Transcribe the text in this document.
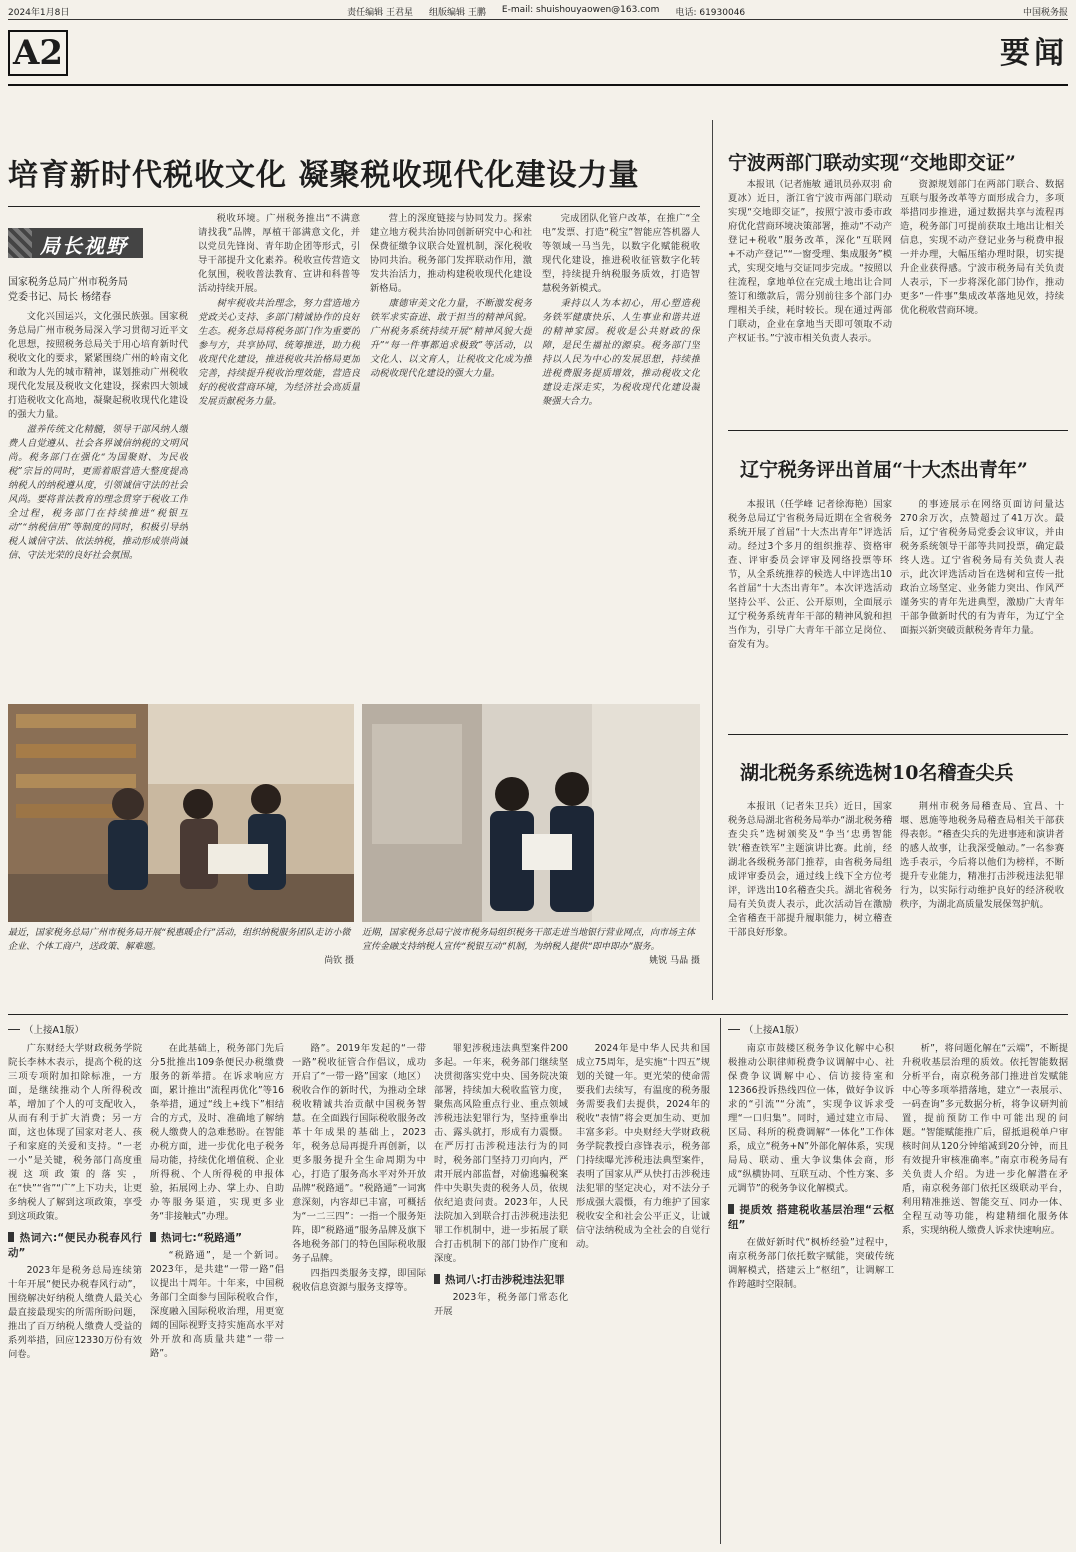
2024年1月8日	责任编辑 王君星 组版编辑 王鹏 E-mail: shuishouyaowen@163.com 电话: 61930046	中国税务报
A2	要闻
培育新时代税收文化 凝聚税收现代化建设力量
局长视野
国家税务总局广州市税务局
党委书记、局长 杨绪春

文化兴国运兴，文化强民族强。国家税务总局广州市税务局深入学习贯彻习近平文化思想，按照税务总局关于用心培育新时代税收文化的要求，紧紧围绕广州的岭南文化和敢为人先的城市精神，谋划推动广州税收现代化发展及税收文化建设，探索四大领域打造税收文化高地，凝聚起税收现代化建设的强大力量。

滋养传统文化精髓，领导干部风纳人缴费人自觉遵从、社会各界诚信纳税的文明风尚。税务部门在强化“为国聚财、为民收税”宗旨的同时，更需着眼营造大整度提高纳税人的纳税遵从度，引领诚信守法的社会风尚。要将普法教育的理念贯穿于税收工作全过程，税务部门在持续推进“税银互动”“纳税信用”等制度的同时，积极引导纳税人诚信守法、依法纳税，推动形成崇尚诚信、守法光荣的良好社会氛围。

税收环境。广州税务推出“不满意请找我”品牌，厚植干部满意文化，并以党员先锋岗、青年助企团等形式，引导干部提升文化素养。税收宣传营造文化氛围，税收普法教育、宣讲和科普等活动持续开展。

树牢税收共治理念，努力营造地方党政关心支持、多部门精诚协作的良好生态。税务总局将税务部门作为重要的参与方，共享协同、统筹推进，助力税收现代化建设，推进税收共治格局更加完善，持续提升税收治理效能，营造良好的税收营商环境，为经济社会高质量发展贡献税务力量。

营上的深度链接与协同发力。探索建立地方税共治协同创新研究中心和社保费征缴争议联合处置机制，深化税收协同共治。税务部门发挥联动作用，激发共治活力，推动构建税收现代化建设新格局。

康德审美文化力量，不断激发税务铁军求实奋进、敢于担当的精神风貌。广州税务系统持续开展“精神风貌大提升”“每一件事都追求极致”等活动，以文化人、以文育人，让税收文化成为推动税收现代化建设的强大力量。

完成团队化管户改革，在推广“全电”发票、打造“税宝”智能应答机器人等领域一马当先，以数字化赋能税收现代化建设，推进税收征管数字化转型，持续提升纳税服务质效，打造智慧税务新模式。

秉持以人为本初心，用心塑造税务铁军健康快乐、人生事业和谐共进的精神家园。税收是公共财政的保障，是民生福祉的源泉。税务部门坚持以人民为中心的发展思想，持续推进税费服务提质增效，推动税收文化建设走深走实，为税收现代化建设凝聚强大合力。

最近，国家税务总局广州市税务局开展“税惠暖企行”活动，组织纳税服务团队走访小微企业、个体工商户，送政策、解难题。

尚钦 摄

近期，国家税务总局宁波市税务局组织税务干部走进当地银行营业网点，向市场主体宣传金融支持纳税人宣传“税银互动”机制，为纳税人提供“即申即办”服务。

姚锐 马晶 摄
宁波两部门联动实现“交地即交证”

本报讯（记者施敏 通讯员孙双羽 俞夏冰）近日，浙江省宁波市两部门联动实现“交地即交证”，按照宁波市委市政府优化营商环境决策部署，推动“不动产登记+税收”服务改革，深化“互联网+不动产登记”“一窗受理、集成服务”模式，实现交地与交证同步完成。“按照以往流程，拿地单位在完成土地出让合同签订和缴款后，需分别前往多个部门办理相关手续，耗时较长。现在通过两部门联动，企业在拿地当天即可领取不动产权证书。”宁波市相关负责人表示。

资源规划部门在两部门联合、数据互联与服务改革等方面形成合力，多项举措同步推进，通过数据共享与流程再造，税务部门可提前获取土地出让相关信息，实现不动产登记业务与税费申报一并办理，大幅压缩办理时限，切实提升企业获得感。宁波市税务局有关负责人表示，下一步将深化部门协作，推动更多“一件事”集成改革落地见效，持续优化税收营商环境。

辽宁税务评出首届“十大杰出青年”

本报讯（任学峰 记者徐海艳）国家税务总局辽宁省税务局近期在全省税务系统开展了首届“十大杰出青年”评选活动。经过3个多月的组织推荐、资格审查、评审委员会评审及网络投票等环节，从全系统推荐的候选人中评选出10名首届“十大杰出青年”。本次评选活动坚持公平、公正、公开原则，全面展示辽宁税务系统青年干部的精神风貌和担当作为，引导广大青年干部立足岗位、奋发有为。

的事迹展示在网络页面访问量达270余万次，点赞超过了41万次。最后，辽宁省税务局党委会议审议，并由税务系统领导干部等共同投票，确定最终人选。辽宁省税务局有关负责人表示，此次评选活动旨在选树和宣传一批政治立场坚定、业务能力突出、作风严谨务实的青年先进典型，激励广大青年干部争做新时代的有为青年，为辽宁全面振兴新突破贡献税务青年力量。

湖北税务系统选树10名稽查尖兵

本报讯（记者朱卫兵）近日，国家税务总局湖北省税务局举办“湖北税务稽查尖兵”选树颁奖及“争当‘忠勇智能铁’稽查铁军”主题演讲比赛。此前，经湖北各级税务部门推荐，由省税务局组成评审委员会，通过线上线下全方位考评，评选出10名稽查尖兵。湖北省税务局有关负责人表示，此次活动旨在激励全省稽查干部提升履职能力，树立稽查干部良好形象。

荆州市税务局稽查局、宜昌、十堰、恩施等地税务局稽查局相关干部获得表彰。“稽查尖兵的先进事迹和演讲者的感人故事，让我深受触动。”一名参赛选手表示，今后将以他们为榜样，不断提升专业能力，精准打击涉税违法犯罪行为，以实际行动维护良好的经济税收秩序，为湖北高质量发展保驾护航。

（上接A1版）

广东财经大学财政税务学院院长李林木表示，提高个税的这三项专项附加扣除标准，一方面，是继续推动个人所得税改革，增加了个人的可支配收入，从而有利于扩大消费；另一方面，这也体现了国家对老人、孩子和家庭的关爱和支持。“一老一小”是关键，税务部门高度重视这项政策的落实，在“快”“省”“广”上下功夫，让更多纳税人了解到这项政策，享受到这项政策。

热词六:“便民办税春风行动”

2023年是税务总局连续第十年开展“便民办税春风行动”，围绕解决好纳税人缴费人最关心最直接最现实的所需所盼问题，推出了百万纳税人缴费人受益的系列举措，回应12330万份有效问卷。

在此基础上，税务部门先后分5批推出109条便民办税缴费服务的新举措。在诉求响应方面，累计推出“流程再优化”等16条举措，通过“线上+线下”相结合的方式，及时、准确地了解纳税人缴费人的急难愁盼。在智能办税方面，进一步优化电子税务局功能，持续优化增值税、企业所得税、个人所得税的申报体验，拓展网上办、掌上办、自助办等服务渠道，实现更多业务“非接触式”办理。

热词七:“税路通”

“税路通”，是一个新词。2023年，是共建“一带一路”倡议提出十周年。十年来，中国税务部门全面参与国际税收合作，深度融入国际税收治理，用更宽阔的国际视野支持实施高水平对外开放和高质量共建“一带一路”。

路”。2019年发起的“一带一路”税收征管合作倡议，成功开启了“一带一路”国家（地区）税收合作的新时代，为推动全球税收精诚共治贡献中国税务智慧。在全面践行国际税收服务改革十年成果的基础上，2023年，税务总局再提升再创新，以更多服务提升全生命周期为中心，打造了服务高水平对外开放品牌“税路通”。“税路通”一词寓意深刻，内容却已丰富，可概括为“一二三四”：一指一个服务矩阵，即“税路通”服务品牌及旗下各地税务部门的特色国际税收服务子品牌。

四指四类服务支撑，即国际税收信息资源与服务支撑等。

罪犯涉税违法典型案件200多起。一年来，税务部门继续坚决贯彻落实党中央、国务院决策部署，持续加大税收监管力度，聚焦高风险重点行业、重点领域涉税违法犯罪行为，坚持重拳出击、露头就打，形成有力震慑。在严厉打击涉税违法行为的同时，税务部门坚持刀刃向内，严肃开展内部监督，对偷逃骗税案件中失职失责的税务人员，依规依纪追责问责。2023年，人民法院加入到联合打击涉税违法犯罪工作机制中，进一步拓展了联合打击机制下的部门协作广度和深度。

热词八:打击涉税违法犯罪

2023年，税务部门常态化开展

2024年是中华人民共和国成立75周年，是实施“十四五”规划的关键一年。更光荣的使命需要我们去续写，有温度的税务服务需要我们去提供，2024年的税收“表情”将会更加生动、更加丰富多彩。中央财经大学财政税务学院教授白彦锋表示，税务部门持续曝光涉税违法典型案件，表明了国家从严从快打击涉税违法犯罪的坚定决心，对不法分子形成强大震慑，有力维护了国家税收安全和社会公平正义，让诚信守法纳税成为全社会的自觉行动。

（上接A1版）

南京市鼓楼区税务争议化解中心积极推动公职律师税费争议调解中心、社保费争议调解中心、信访接待室和12366投诉热线四位一体，做好争议诉求的“引流”“分流”，实现争议诉求受理“一口归集”。同时，通过建立市局、区局、科所的税费调解“一体化”工作体系，成立“税务+N”外部化解体系，实现局局、联动、重大争议集体会商，形成“纵横协同、互联互动、个性方案、多元调节”的税务争议化解模式。

提质效 搭建税收基层治理“云枢纽”

在做好新时代“枫桥经验”过程中，南京税务部门依托数字赋能，突破传统调解模式，搭建云上“枢纽”，让调解工作跨越时空限制。

析”，将问题化解在“云端”，不断提升税收基层治理的质效。依托智能数据分析平台，南京税务部门推进首发赋能中心等多项举措落地，建立“一表展示、一码查询”多元数据分析，将争议研判前置，提前预防工作中可能出现的问题。“智能赋能推广后，留抵退税单户审核时间从120分钟缩减到20分钟，而且有效提升审核准确率。”南京市税务局有关负责人介绍。为进一步化解潜在矛盾，南京税务部门依托区级联动平台，利用精准推送、智能交互、同办一体、全程互动等功能，构建精细化服务体系，实现纳税人缴费人诉求快速响应。
